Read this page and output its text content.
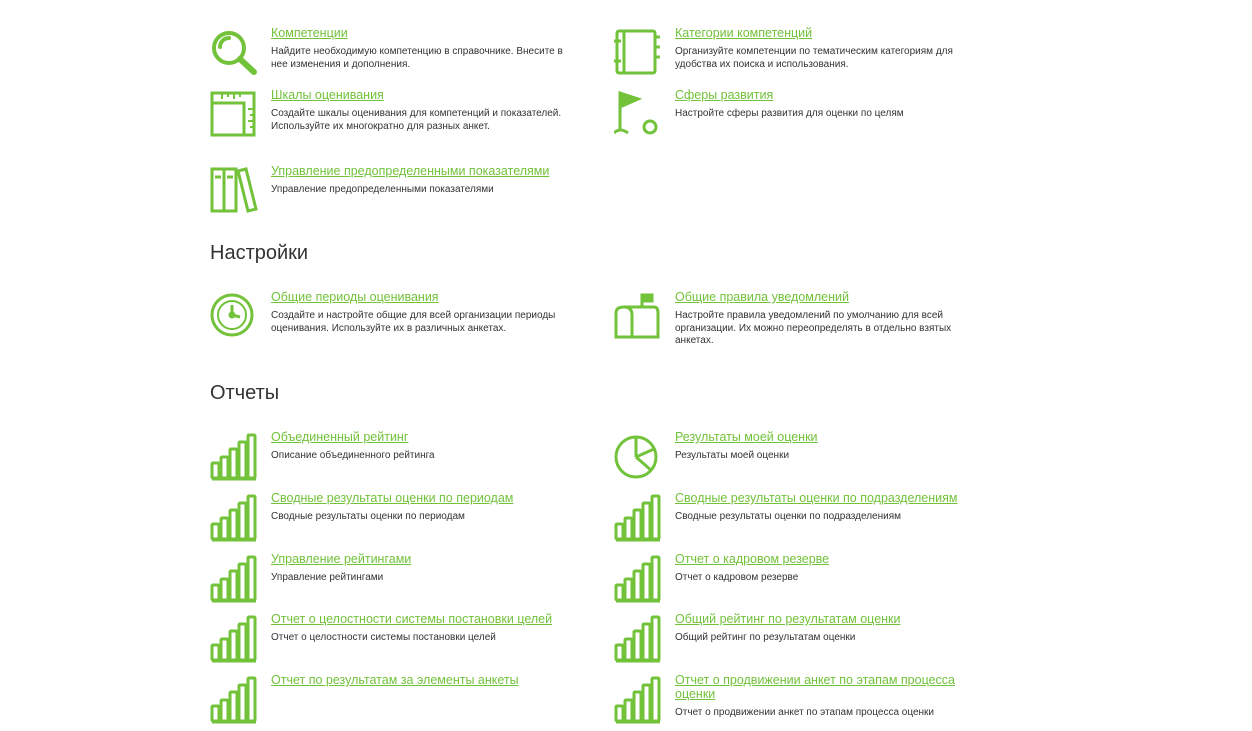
Компетенции
Найдите необходимую компетенцию в справочнике. Внесите в нее изменения и дополнения.
Категории компетенций
Организуйте компетенции по тематическим категориям для удобства их поиска и использования.
Шкалы оценивания
Создайте шкалы оценивания для компетенций и показателей. Используйте их многократно для разных анкет.
Сферы развития
Настройте сферы развития для оценки по целям
Управление предопределенными показателями
Управление предопределенными показателями
Настройки
Общие периоды оценивания
Создайте и настройте общие для всей организации периоды оценивания. Используйте их в различных анкетах.
Общие правила уведомлений
Настройте правила уведомлений по умолчанию для всей организации. Их можно переопределять в отдельно взятых анкетах.
Отчеты
Объединенный рейтинг
Описание объединенного рейтинга
Результаты моей оценки
Результаты моей оценки
Сводные результаты оценки по периодам
Сводные результаты оценки по периодам
Сводные результаты оценки по подразделениям
Сводные результаты оценки по подразделениям
Управление рейтингами
Управление рейтингами
Отчет о кадровом резерве
Отчет о кадровом резерве
Отчет о целостности системы постановки целей
Отчет о целостности системы постановки целей
Общий рейтинг по результатам оценки
Общий рейтинг по результатам оценки
Отчет по результатам за элементы анкеты	Отчет о продвижении анкет по этапам процесса оценки
Отчет о продвижении анкет по этапам процесса оценки
